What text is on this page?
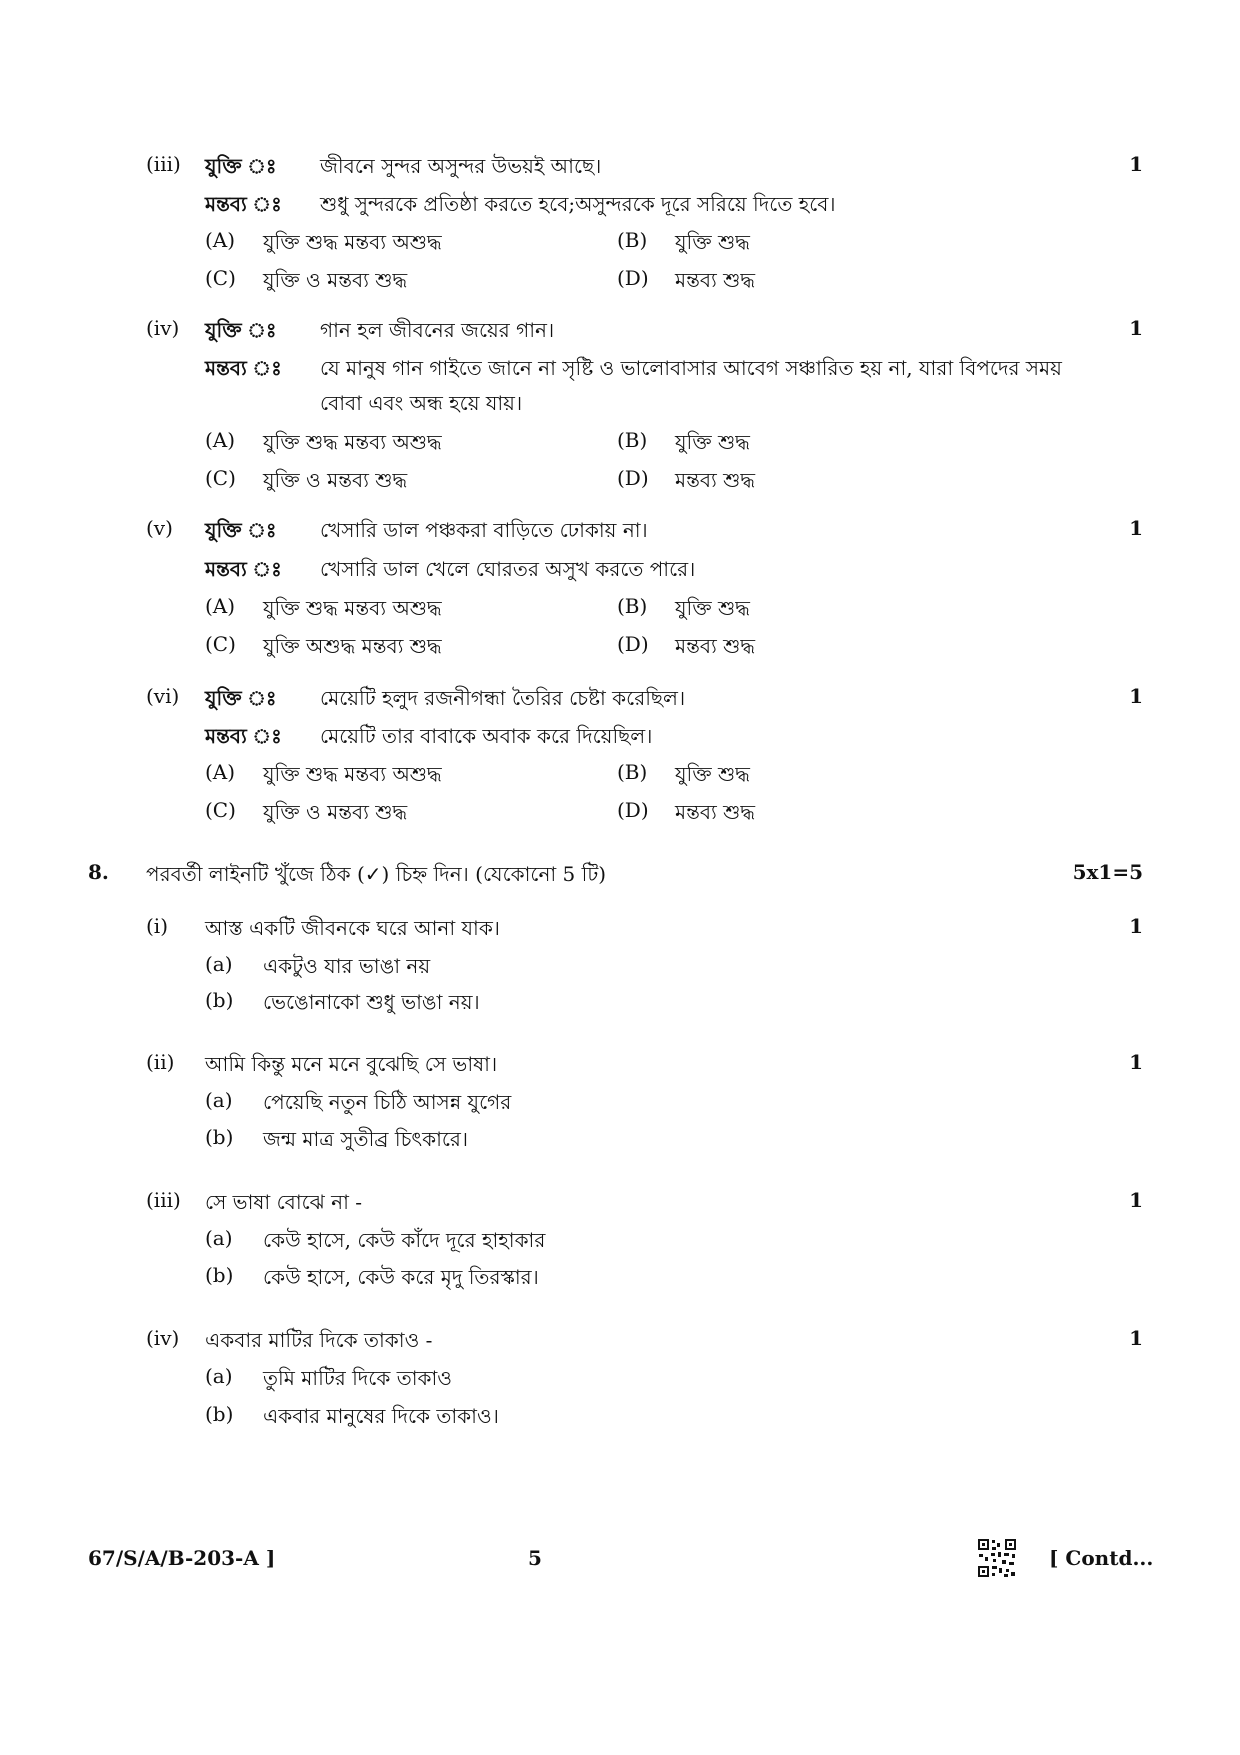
(iii) যুক্তি ঃ জীবনে সুন্দর অসুন্দর উভয়ই আছে।	1
মন্তব্য ঃ শুধু সুন্দরকে প্রতিষ্ঠা করতে হবে;অসুন্দরকে দূরে সরিয়ে দিতে হবে।
(A) যুক্তি শুদ্ধ মন্তব্য অশুদ্ধ	(B) যুক্তি শুদ্ধ
(C) যুক্তি ও মন্তব্য শুদ্ধ	(D) মন্তব্য শুদ্ধ
(iv) যুক্তি ঃ গান হল জীবনের জয়ের গান।	1
মন্তব্য ঃ যে মানুষ গান গাইতে জানে না সৃষ্টি ও ভালোবাসার আবেগ সঞ্চারিত হয় না, যারা বিপদের সময়
বোবা এবং অন্ধ হয়ে যায়।
(A) যুক্তি শুদ্ধ মন্তব্য অশুদ্ধ	(B) যুক্তি শুদ্ধ
(C) যুক্তি ও মন্তব্য শুদ্ধ	(D) মন্তব্য শুদ্ধ
(v) যুক্তি ঃ খেসারি ডাল পঞ্চকরা বাড়িতে ঢোকায় না।	1
মন্তব্য ঃ খেসারি ডাল খেলে ঘোরতর অসুখ করতে পারে।
(A) যুক্তি শুদ্ধ মন্তব্য অশুদ্ধ	(B) যুক্তি শুদ্ধ
(C) যুক্তি অশুদ্ধ মন্তব্য শুদ্ধ	(D) মন্তব্য শুদ্ধ
(vi) যুক্তি ঃ মেয়েটি হলুদ রজনীগন্ধা তৈরির চেষ্টা করেছিল।	1
মন্তব্য ঃ মেয়েটি তার বাবাকে অবাক করে দিয়েছিল।
(A) যুক্তি শুদ্ধ মন্তব্য অশুদ্ধ	(B) যুক্তি শুদ্ধ
(C) যুক্তি ও মন্তব্য শুদ্ধ	(D) মন্তব্য শুদ্ধ
8. পরবর্তী লাইনটি খুঁজে ঠিক (✓) চিহ্ন দিন। (যেকোনো 5 টি)	5x1=5
(i) আস্ত একটি জীবনকে ঘরে আনা যাক।	1
(a) একটুও যার ভাঙা নয়
(b) ভেঙোনাকো শুধু ভাঙা নয়।
(ii) আমি কিন্তু মনে মনে বুঝেছি সে ভাষা।	1
(a) পেয়েছি নতুন চিঠি আসন্ন যুগের
(b) জন্ম মাত্র সুতীব্র চিৎকারে।
(iii) সে ভাষা বোঝে না -	1
(a) কেউ হাসে, কেউ কাঁদে দূরে হাহাকার
(b) কেউ হাসে, কেউ করে মৃদু তিরস্কার।
(iv) একবার মাটির দিকে তাকাও -	1
(a) তুমি মাটির দিকে তাকাও
(b) একবার মানুষের দিকে তাকাও।
67/S/A/B-203-A ]	5	[ Contd...
